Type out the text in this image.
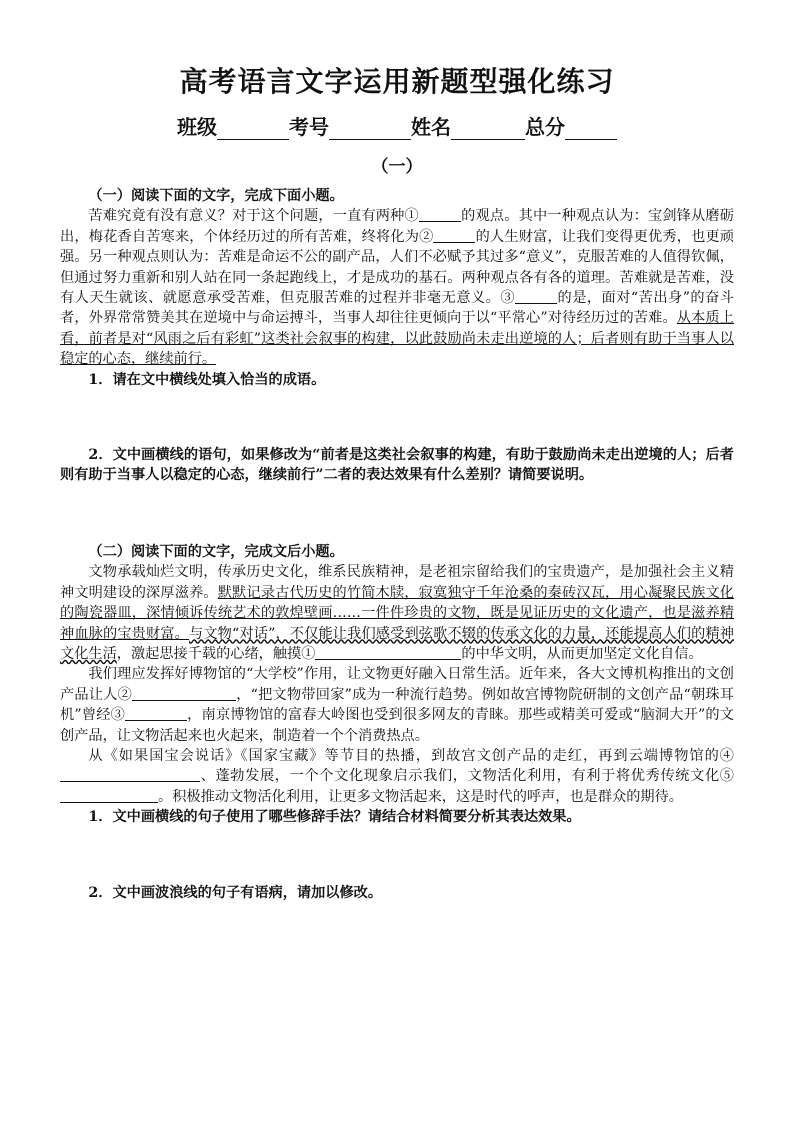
高考语言文字运用新题型强化练习
班级	考号	姓名	总分
（一）

（一）阅读下面的文字，完成下面小题。

苦难究竟有没有意义？对于这个问题，一直有两种①	的观点。其中一种观点认为：宝剑锋从磨砺出，梅花香自苦寒来，个体经历过的所有苦难，终将化为②	的人生财富，让我们变得更优秀，也更顽强。另一种观点则认为：苦难是命运不公的副产品，人们不必赋予其过多“意义”，克服苦难的人值得钦佩，但通过努力重新和别人站在同一条起跑线上，才是成功的基石。两种观点各有各的道理。苦难就是苦难，没有人天生就该、就愿意承受苦难，但克服苦难的过程并非毫无意义。③	的是，面对“苦出身”的奋斗者，外界常常赞美其在逆境中与命运搏斗，当事人却往往更倾向于以“平常心”对待经历过的苦难。从本质上看，前者是对“风雨之后有彩虹”这类社会叙事的构建，以此鼓励尚未走出逆境的人；后者则有助于当事人以稳定的心态，继续前行。

1．请在文中横线处填入恰当的成语。

2．文中画横线的语句，如果修改为“前者是这类社会叙事的构建，有助于鼓励尚未走出逆境的人；后者则有助于当事人以稳定的心态，继续前行”二者的表达效果有什么差别？请简要说明。

（二）阅读下面的文字，完成文后小题。

文物承载灿烂文明，传承历史文化，维系民族精神，是老祖宗留给我们的宝贵遗产，是加强社会主义精神文明建设的深厚滋养。默默记录古代历史的竹简木牍，寂寞独守千年沧桑的秦砖汉瓦，用心凝聚民族文化的陶瓷器皿，深情倾诉传统艺术的敦煌壁画……一件件珍贵的文物，既是见证历史的文化遗产，也是滋养精神血脉的宝贵财富。与文物“对话”，不仅能让我们感受到弦歌不辍的传承文化的力量，还能提高人们的精神文化生活，激起思接千载的心绪，触摸①	的中华文明，从而更加坚定文化自信。

我们理应发挥好博物馆的“大学校”作用，让文物更好融入日常生活。近年来，各大文博机构推出的文创产品让人②	，“把文物带回家”成为一种流行趋势。例如故宫博物院研制的文创产品“朝珠耳机”曾经③	，南京博物馆的富春大岭图也受到很多网友的青睐。那些或精美可爱或“脑洞大开”的文创产品，让文物活起来也火起来，制造着一个个消费热点。

从《如果国宝会说话》《国家宝藏》等节目的热播，到故宫文创产品的走红，再到云端博物馆的④、蓬勃发展，一个个文化现象启示我们，文物活化利用，有利于将优秀传统文化⑤。积极推动文物活化利用，让更多文物活起来，这是时代的呼声，也是群众的期待。

1．文中画横线的句子使用了哪些修辞手法？请结合材料简要分析其表达效果。

2．文中画波浪线的句子有语病，请加以修改。
